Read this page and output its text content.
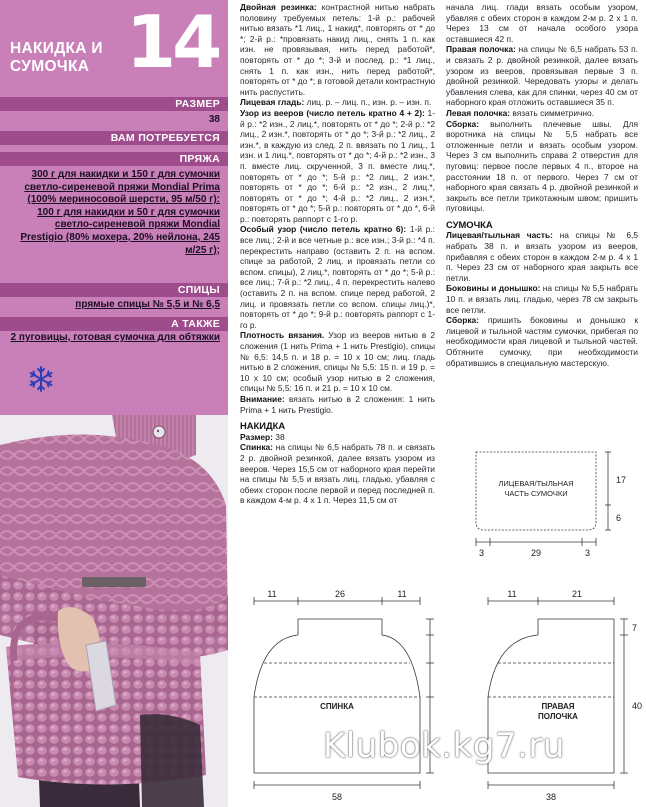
14
НАКИДКА И
СУМОЧКА
РАЗМЕР
38
ВАМ ПОТРЕБУЕТСЯ
ПРЯЖА
300 г для накидки и 150 г для сумочки светло-сиреневой пряжи Mondial Prima (100% мериносовой шерсти, 95 м/50 г): 100 г для накидки и 50 г для сумочки светло-сиреневой пряжи Mondial Prestigio (80% мохера, 20% нейлона, 245 м/25 г);
СПИЦЫ
прямые спицы № 5,5 и № 6,5
А ТАКЖЕ
2 пуговицы, готовая сумочка для обтяжки

Двойная резинка: контрастной нитью набрать половину требуемых петель: 1-й р.: рабочей нитью вязать *1 лиц., 1 накид*, повторять от * до *; 2-й р.: *провязать накид лиц., снять 1 п. как изн. не провязывая, нить перед работой*, повторять от * до *; 3-й и послед. р.: *1 лиц., снять 1 п. как изн., нить перед работой*, повторять от * до *; в готовой детали контрастную нить распустить.

Лицевая гладь: лиц. р. – лиц. п., изн. р. – изн. п.

Узор из вееров (число петель кратно 4 + 2): 1-й р.: *2 изн., 2 лиц.*, повторять от * до *; 2-й р.: *2 лиц., 2 изн.*, повторять от * до *; 3-й р.: *2 лиц., 2 изн.*, в каждую из след. 2 п. ввязать по 1 лиц., 1 изн. и 1 лиц.*, повторять от * до *; 4-й р.: *2 изн., 3 п. вместе лиц. скрученной, 3 п. вместе лиц.*, повторять от * до *; 5-й р.: *2 лиц., 2 изн.*, повторять от * до *; 6-й р.: *2 изн., 2 лиц.*, повторять от * до *; 4-й р.: *2 лиц., 2 изн.*, повторять от * до *; 5-й р.: повторять от * до *, 6-й р.: повторять раппорт с 1-го р.

Особый узор (число петель кратно 6): 1-й р.: все лиц.; 2-й и все четные р.: все изн.; 3-й р.: *4 п. перекрестить направо (оставить 2 п. на вспом. спице за работой, 2 лиц. и провязать петли со вспом. спицы), 2 лиц.*, повторять от * до *; 5-й р.: все лиц.; 7-й р.: *2 лиц., 4 п. перекрестить налево (оставить 2 п. на вспом. спице перед работой, 2 лиц. и провязать петли со вспом. спицы лиц.)*, повторять от * до *; 9-й р.: повторять раппорт с 1-го р.

Плотность вязания. Узор из вееров нитью в 2 сложения (1 нить Prima + 1 нить Prestigio), спицы № 6,5: 14,5 п. и 18 р. = 10 х 10 см; лиц. гладь нитью в 2 сложения, спицы № 5,5: 15 п. и 19 р. = 10 х 10 см; особый узор нитью в 2 сложения, спицы № 5,5: 16 п. и 21 р. = 10 х 10 см.

Внимание: вязать нитью в 2 сложения: 1 нить Prima + 1 нить Prestigio.

НАКИДКА

Размер: 38

Спинка: на спицы № 6,5 набрать 78 п. и связать 2 р. двойной резинкой, далее вязать узором из вееров. Через 15,5 см от наборного края перейти на спицы № 5,5 и вязать лиц. гладью, убавляя с обеих сторон после первой и перед последней п. в каждом 4-м р. 4 х 1 п. Через 11,5 см от

начала лиц. глади вязать особым узором, убавляя с обеих сторон в каждом 2-м р. 2 х 1 п. Через 13 см от начала особого узора оставшиеся 42 п.

Правая полочка: на спицы № 6,5 набрать 53 п. и связать 2 р. двойной резинкой, далее вязать узором из вееров, провязывая первые 3 п. двойной резинкой. Чередовать узоры и делать убавления слева, как для спинки, через 40 см от наборного края отложить оставшиеся 35 п.

Левая полочка: вязать симметрично.

Сборка: выполнить плечевые швы. Для воротника на спицы № 5,5 набрать все отложенные петли и вязать особым узором. Через 3 см выполнить справа 2 отверстия для пуговиц: первое после первых 4 п., второе на расстоянии 18 п. от первого. Через 7 см от наборного края связать 4 р. двойной резинкой и закрыть все петли трикотажным швом; пришить пуговицы.

СУМОЧКА

Лицевая/тыльная часть: на спицы № 6,5 набрать 38 п. и вязать узором из вееров, прибавляя с обеих сторон в каждом 2-м р. 4 х 1 п. Через 23 см от наборного края закрыть все петли.

Боковины и донышко: на спицы № 5,5 набрать 10 п. и вязать лиц. гладью, через 78 см закрыть все петли.

Сборка: пришить боковины и донышко к лицевой и тыльной частям сумочки, прибегая по необходимости края лицевой и тыльной частей. Обтяните сумочку, при необходимости обратившись в специальную мастерскую.

ЛИЦЕВАЯ/ТЫЛЬНАЯ
ЧАСТЬ СУМОЧКИ
17
6
3	29	3
11	26	11
СПИНКА
58
11	21
7
40
ПРАВАЯ
ПОЛОЧКА
38
Klubok.kg7.ru
